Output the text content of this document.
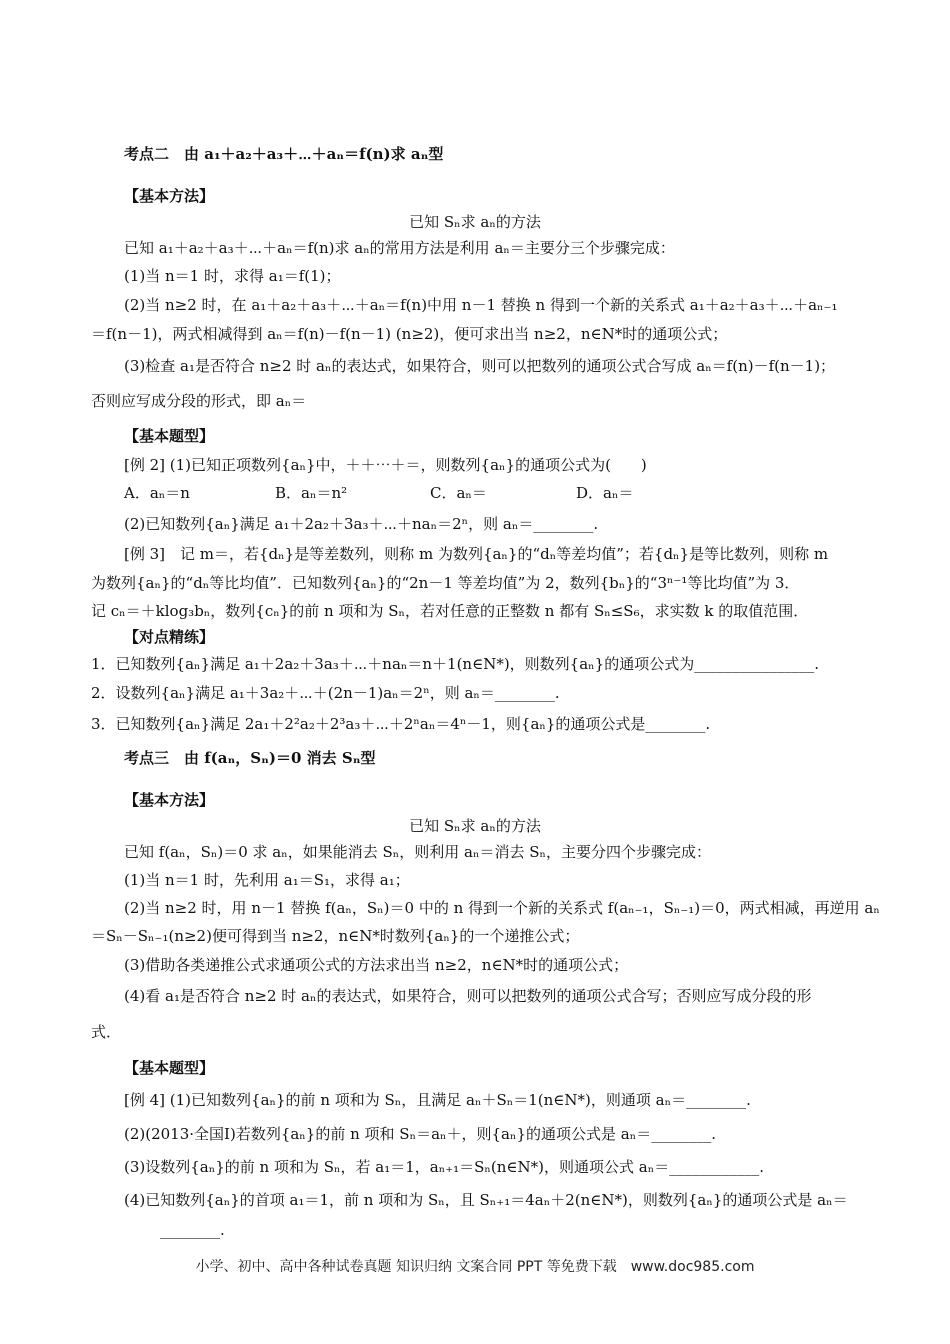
考点二　由 a₁＋a₂＋a₃＋⋯＋aₙ＝f(n)求 aₙ型
【基本方法】
已知 Sₙ求 aₙ的方法
已知 a₁＋a₂＋a₃＋⋯＋aₙ＝f(n)求 aₙ的常用方法是利用 aₙ＝主要分三个步骤完成：
(1)当 n＝1 时，求得 a₁＝f(1)；
(2)当 n≥2 时，在 a₁＋a₂＋a₃＋⋯＋aₙ＝f(n)中用 n－1 替换 n 得到一个新的关系式 a₁＋a₂＋a₃＋⋯＋aₙ₋₁
＝f(n－1)，两式相减得到 aₙ＝f(n)－f(n－1) (n≥2)，便可求出当 n≥2，n∈N*时的通项公式；
(3)检查 a₁是否符合 n≥2 时 aₙ的表达式，如果符合，则可以把数列的通项公式合写成 aₙ＝f(n)－f(n－1)；
否则应写成分段的形式，即 aₙ＝
【基本题型】
[例 2] (1)已知正项数列{aₙ}中，＋＋⋯＋＝，则数列{aₙ}的通项公式为(　　)
A．aₙ＝n	B．aₙ＝n²	C．aₙ＝	D．aₙ＝
(2)已知数列{aₙ}满足 a₁＋2a₂＋3a₃＋⋯＋naₙ＝2ⁿ，则 aₙ＝________.
[例 3]　记 m＝，若{dₙ}是等差数列，则称 m 为数列{aₙ}的“dₙ等差均值”；若{dₙ}是等比数列，则称 m
为数列{aₙ}的“dₙ等比均值”．已知数列{aₙ}的“2n－1 等差均值”为 2，数列{bₙ}的“3ⁿ⁻¹等比均值”为 3．
记 cₙ＝＋klog₃bₙ，数列{cₙ}的前 n 项和为 Sₙ，若对任意的正整数 n 都有 Sₙ≤S₆，求实数 k 的取值范围．
【对点精练】
1．已知数列{aₙ}满足 a₁＋2a₂＋3a₃＋⋯＋naₙ＝n＋1(n∈N*)，则数列{aₙ}的通项公式为________________.
2．设数列{aₙ}满足 a₁＋3a₂＋⋯＋(2n－1)aₙ＝2ⁿ，则 aₙ＝________.
3．已知数列{aₙ}满足 2a₁＋2²a₂＋2³a₃＋⋯＋2ⁿaₙ＝4ⁿ－1，则{aₙ}的通项公式是________.
考点三　由 f(aₙ，Sₙ)＝0 消去 Sₙ型
【基本方法】
已知 Sₙ求 aₙ的方法
已知 f(aₙ，Sₙ)＝0 求 aₙ，如果能消去 Sₙ，则利用 aₙ＝消去 Sₙ，主要分四个步骤完成：
(1)当 n＝1 时，先利用 a₁＝S₁，求得 a₁；
(2)当 n≥2 时，用 n－1 替换 f(aₙ，Sₙ)＝0 中的 n 得到一个新的关系式 f(aₙ₋₁，Sₙ₋₁)＝0，两式相减，再逆用 aₙ
＝Sₙ－Sₙ₋₁(n≥2)便可得到当 n≥2，n∈N*时数列{aₙ}的一个递推公式；
(3)借助各类递推公式求通项公式的方法求出当 n≥2，n∈N*时的通项公式；
(4)看 a₁是否符合 n≥2 时 aₙ的表达式，如果符合，则可以把数列的通项公式合写；否则应写成分段的形
式．
【基本题型】
[例 4] (1)已知数列{aₙ}的前 n 项和为 Sₙ，且满足 aₙ＋Sₙ＝1(n∈N*)，则通项 aₙ＝________.
(2)(2013·全国Ⅰ)若数列{aₙ}的前 n 项和 Sₙ＝aₙ＋，则{aₙ}的通项公式是 aₙ＝________.
(3)设数列{aₙ}的前 n 项和为 Sₙ，若 a₁＝1，aₙ₊₁＝Sₙ(n∈N*)，则通项公式 aₙ＝____________.
(4)已知数列{aₙ}的首项 a₁＝1，前 n 项和为 Sₙ，且 Sₙ₊₁＝4aₙ＋2(n∈N*)，则数列{aₙ}的通项公式是 aₙ＝
________.
小学、初中、高中各种试卷真题 知识归纳 文案合同 PPT 等免费下载　www.doc985.com
